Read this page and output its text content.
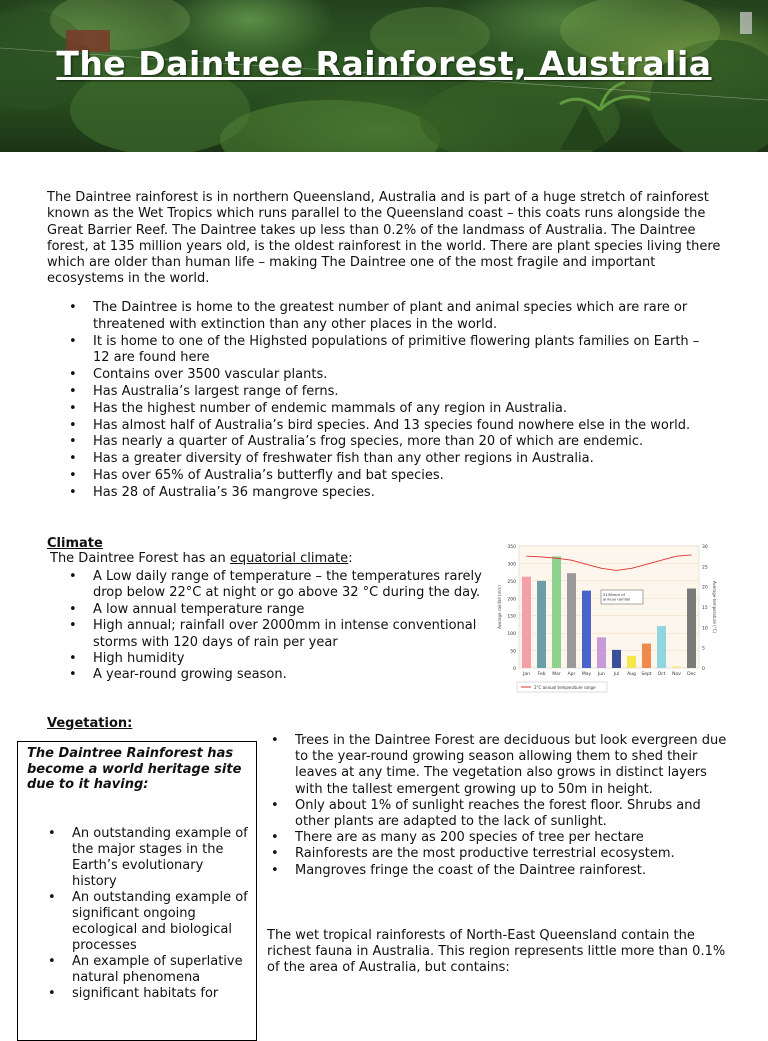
The Daintree Rainforest, Australia

The Daintree rainforest is in northern Queensland, Australia and is part of a huge stretch of rainforest known as the Wet Tropics which runs parallel to the Queensland coast – this coats runs alongside the Great Barrier Reef. The Daintree takes up less than 0.2% of the landmass of Australia. The Daintree forest, at 135 million years old, is the oldest rainforest in the world. There are plant species living there which are older than human life – making The Daintree one of the most fragile and important ecosystems in the world.

• The Daintree is home to the greatest number of plant and animal species which are rare or threatened with extinction than any other places in the world.
• It is home to one of the Highsted populations of primitive flowering plants families on Earth – 12 are found here
• Contains over 3500 vascular plants.
• Has Australia’s largest range of ferns.
• Has the highest number of endemic mammals of any region in Australia.
• Has almost half of Australia’s bird species. And 13 species found nowhere else in the world.
• Has nearly a quarter of Australia’s frog species, more than 20 of which are endemic.
• Has a greater diversity of freshwater fish than any other regions in Australia.
• Has over 65% of Australia’s butterfly and bat species.
• Has 28 of Australia’s 36 mangrove species.
Climate
The Daintree Forest has an equatorial climate:
• A Low daily range of temperature – the temperatures rarely drop below 22°C at night or go above 32 °C during the day.
• A low annual temperature range
• High annual; rainfall over 2000mm in intense conventional storms with 120 days of rain per year
• High humidity
• A year-round growing season.	0
50
100
150
200
250
300
350
0
5
10
15
20
25
30
Average rainfall (mm)	Average temperature (°C)
Jan Feb Mar Apr May Jun Jul Aug Sept Oct Nov Dec
2156mm of annual rainfall
2°C annual temperature range
Vegetation:
The Daintree Rainforest has become a world heritage site due to it having:
• An outstanding example of the major stages in the Earth’s evolutionary history
• An outstanding example of significant ongoing ecological and biological processes
• An example of superlative natural phenomena
• significant habitats for
• Trees in the Daintree Forest are deciduous but look evergreen due to the year-round growing season allowing them to shed their leaves at any time. The vegetation also grows in distinct layers with the tallest emergent growing up to 50m in height.
• Only about 1% of sunlight reaches the forest floor. Shrubs and other plants are adapted to the lack of sunlight.
• There are as many as 200 species of tree per hectare
• Rainforests are the most productive terrestrial ecosystem.
• Mangroves fringe the coast of the Daintree rainforest.

The wet tropical rainforests of North-East Queensland contain the richest fauna in Australia. This region represents little more than 0.1% of the area of Australia, but contains:
